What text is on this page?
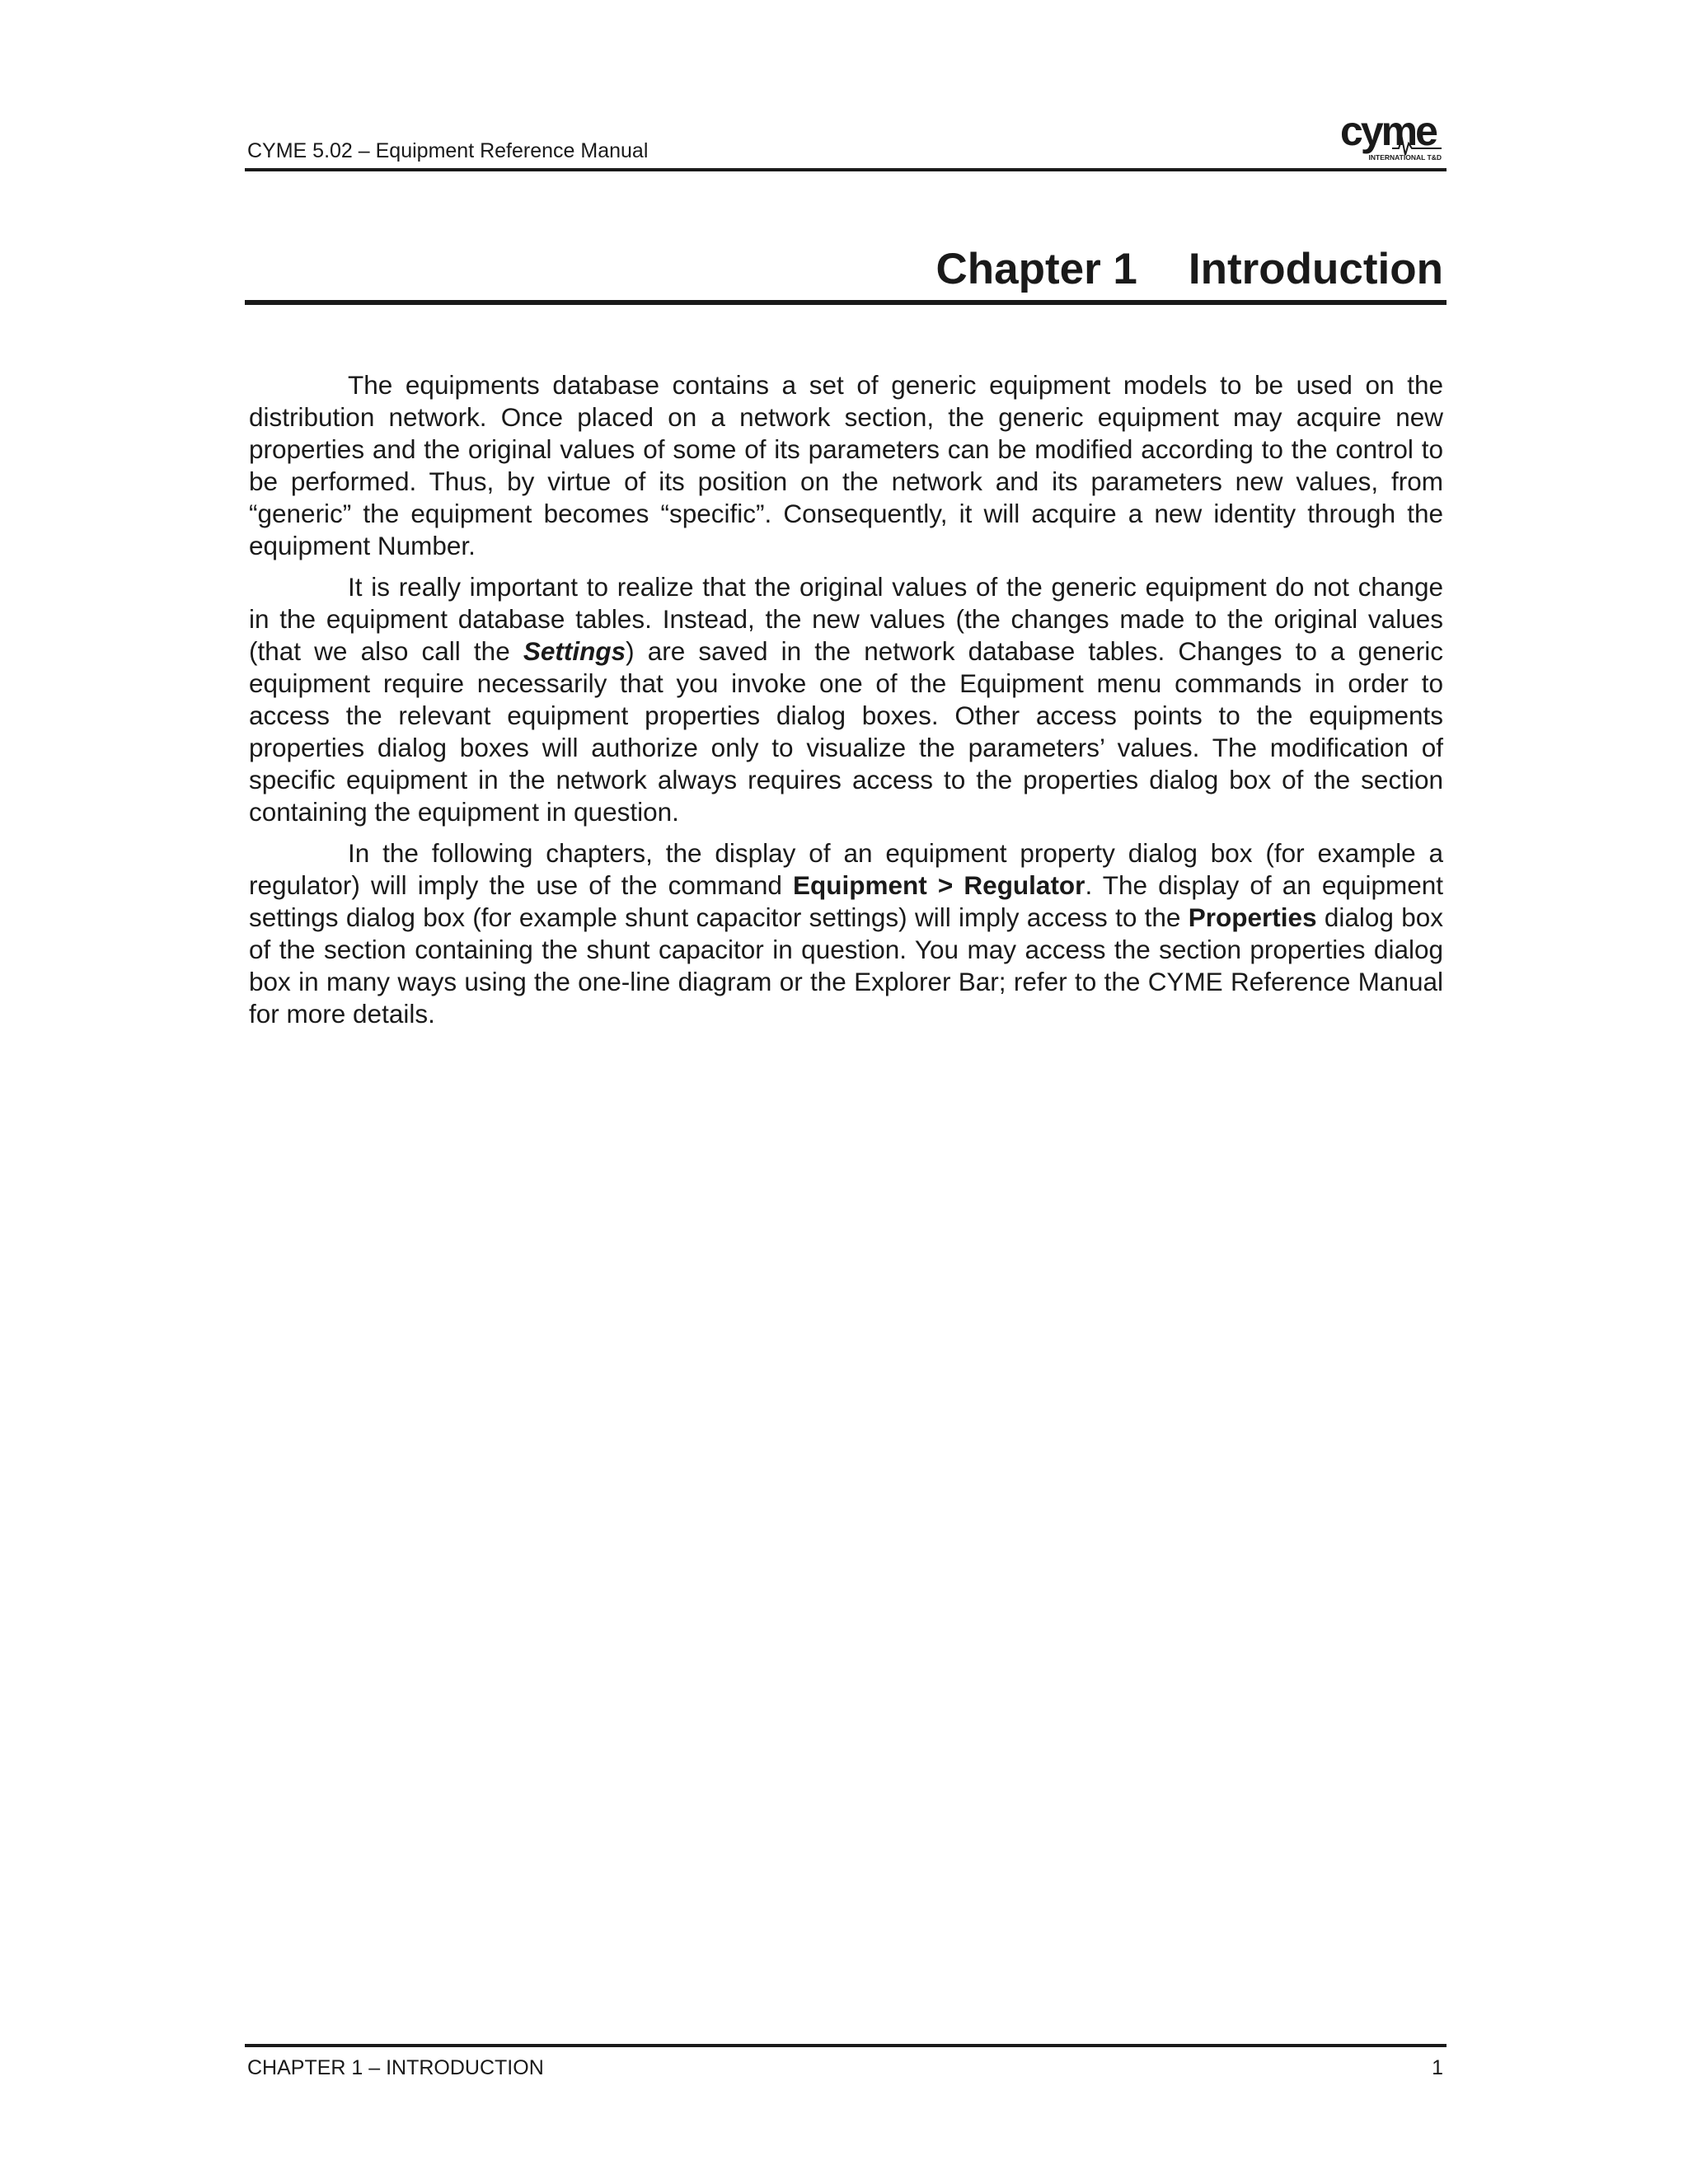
CYME 5.02 – Equipment Reference Manual	cyme
INTERNATIONAL T&D
Chapter 1 Introduction

The equipments database contains a set of generic equipment models to be used on the distribution network. Once placed on a network section, the generic equipment may acquire new properties and the original values of some of its parameters can be modified according to the control to be performed. Thus, by virtue of its position on the network and its parameters new values, from “generic” the equipment becomes “specific”. Consequently, it will acquire a new identity through the equipment Number.

It is really important to realize that the original values of the generic equipment do not change in the equipment database tables. Instead, the new values (the changes made to the original values (that we also call the Settings) are saved in the network database tables. Changes to a generic equipment require necessarily that you invoke one of the Equipment menu commands in order to access the relevant equipment properties dialog boxes. Other access points to the equipments properties dialog boxes will authorize only to visualize the parameters’ values. The modification of specific equipment in the network always requires access to the properties dialog box of the section containing the equipment in question.

In the following chapters, the display of an equipment property dialog box (for example a regulator) will imply the use of the command Equipment > Regulator. The display of an equipment settings dialog box (for example shunt capacitor settings) will imply access to the Properties dialog box of the section containing the shunt capacitor in question. You may access the section properties dialog box in many ways using the one-line diagram or the Explorer Bar; refer to the CYME Reference Manual for more details.

CHAPTER 1 – INTRODUCTION	1
